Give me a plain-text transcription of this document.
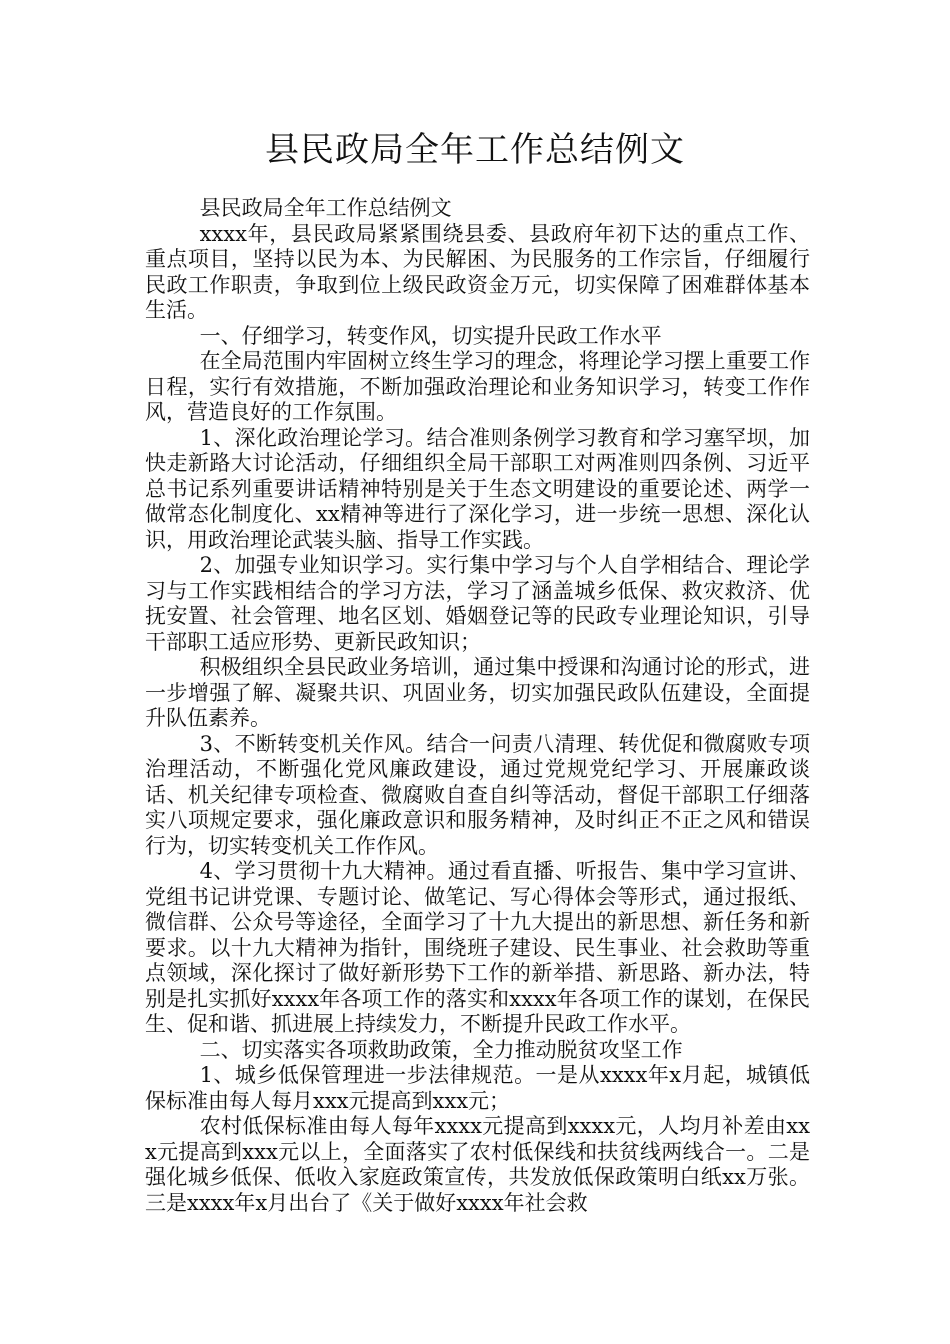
县民政局全年工作总结例文

县民政局全年工作总结例文

xxxx年，县民政局紧紧围绕县委、县政府年初下达的重点工作、重点项目，坚持以民为本、为民解困、为民服务的工作宗旨，仔细履行民政工作职责，争取到位上级民政资金万元，切实保障了困难群体基本生活。

一、仔细学习，转变作风，切实提升民政工作水平

在全局范围内牢固树立终生学习的理念，将理论学习摆上重要工作日程，实行有效措施，不断加强政治理论和业务知识学习，转变工作作风，营造良好的工作氛围。

1、深化政治理论学习。结合准则条例学习教育和学习塞罕坝，加快走新路大讨论活动，仔细组织全局干部职工对两准则四条例、习近平总书记系列重要讲话精神特别是关于生态文明建设的重要论述、两学一做常态化制度化、xx精神等进行了深化学习，进一步统一思想、深化认识，用政治理论武装头脑、指导工作实践。

2、加强专业知识学习。实行集中学习与个人自学相结合、理论学习与工作实践相结合的学习方法，学习了涵盖城乡低保、救灾救济、优抚安置、社会管理、地名区划、婚姻登记等的民政专业理论知识，引导干部职工适应形势、更新民政知识；

积极组织全县民政业务培训，通过集中授课和沟通讨论的形式，进一步增强了解、凝聚共识、巩固业务，切实加强民政队伍建设，全面提升队伍素养。

3、不断转变机关作风。结合一问责八清理、转优促和微腐败专项治理活动，不断强化党风廉政建设，通过党规党纪学习、开展廉政谈话、机关纪律专项检查、微腐败自查自纠等活动，督促干部职工仔细落实八项规定要求，强化廉政意识和服务精神，及时纠正不正之风和错误行为，切实转变机关工作作风。

4、学习贯彻十九大精神。通过看直播、听报告、集中学习宣讲、党组书记讲党课、专题讨论、做笔记、写心得体会等形式，通过报纸、微信群、公众号等途径，全面学习了十九大提出的新思想、新任务和新要求。以十九大精神为指针，围绕班子建设、民生事业、社会救助等重点领域，深化探讨了做好新形势下工作的新举措、新思路、新办法，特别是扎实抓好xxxx年各项工作的落实和xxxx年各项工作的谋划，在保民生、促和谐、抓进展上持续发力，不断提升民政工作水平。

二、切实落实各项救助政策，全力推动脱贫攻坚工作

1、城乡低保管理进一步法律规范。一是从xxxx年x月起，城镇低保标准由每人每月xxx元提高到xxx元；

农村低保标准由每人每年xxxx元提高到xxxx元，人均月补差由xxx元提高到xxx元以上，全面落实了农村低保线和扶贫线两线合一。二是强化城乡低保、低收入家庭政策宣传，共发放低保政策明白纸xx万张。三是xxxx年x月出台了《关于做好xxxx年社会救
